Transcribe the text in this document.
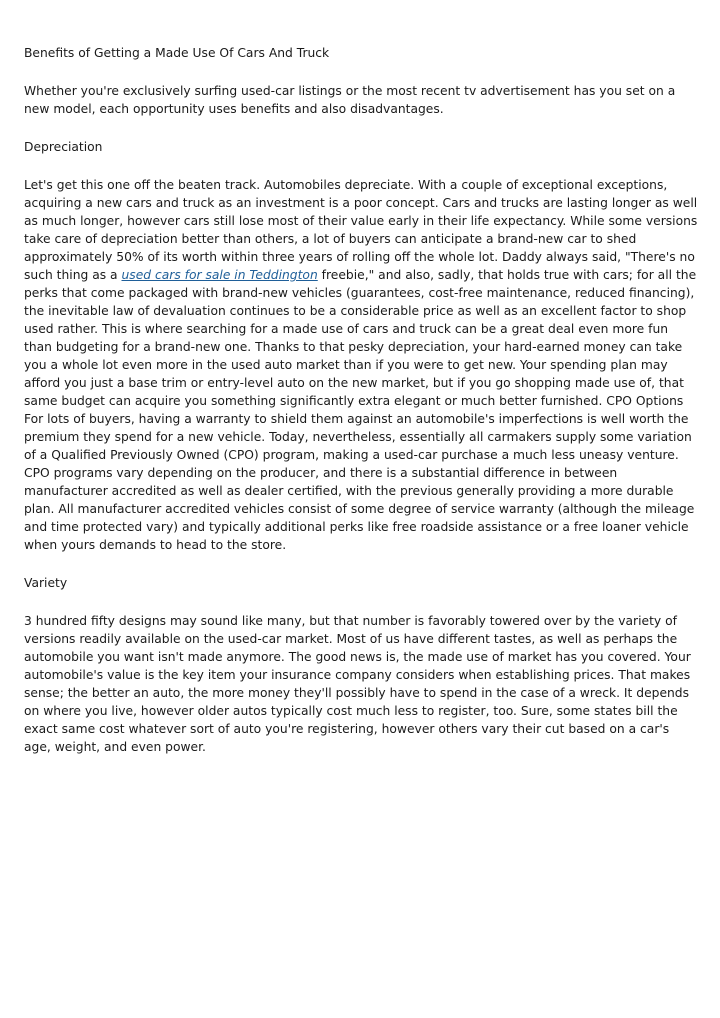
Benefits of Getting a Made Use Of Cars And Truck

Whether you're exclusively surfing used-car listings or the most recent tv advertisement has you set on a new model, each opportunity uses benefits and also disadvantages.

Depreciation

Let's get this one off the beaten track. Automobiles depreciate. With a couple of exceptional exceptions, acquiring a new cars and truck as an investment is a poor concept. Cars and trucks are lasting longer as well as much longer, however cars still lose most of their value early in their life expectancy. While some versions take care of depreciation better than others, a lot of buyers can anticipate a brand-new car to shed approximately 50% of its worth within three years of rolling off the whole lot. Daddy always said, "There's no such thing as a used cars for sale in Teddington freebie," and also, sadly, that holds true with cars; for all the perks that come packaged with brand-new vehicles (guarantees, cost-free maintenance, reduced financing), the inevitable law of devaluation continues to be a considerable price as well as an excellent factor to shop used rather. This is where searching for a made use of cars and truck can be a great deal even more fun than budgeting for a brand-new one. Thanks to that pesky depreciation, your hard-earned money can take you a whole lot even more in the used auto market than if you were to get new. Your spending plan may afford you just a base trim or entry-level auto on the new market, but if you go shopping made use of, that same budget can acquire you something significantly extra elegant or much better furnished. CPO Options For lots of buyers, having a warranty to shield them against an automobile's imperfections is well worth the premium they spend for a new vehicle. Today, nevertheless, essentially all carmakers supply some variation of a Qualified Previously Owned (CPO) program, making a used-car purchase a much less uneasy venture. CPO programs vary depending on the producer, and there is a substantial difference in between manufacturer accredited as well as dealer certified, with the previous generally providing a more durable plan. All manufacturer accredited vehicles consist of some degree of service warranty (although the mileage and time protected vary) and typically additional perks like free roadside assistance or a free loaner vehicle when yours demands to head to the store.

Variety

3 hundred fifty designs may sound like many, but that number is favorably towered over by the variety of versions readily available on the used-car market. Most of us have different tastes, as well as perhaps the automobile you want isn't made anymore. The good news is, the made use of market has you covered. Your automobile's value is the key item your insurance company considers when establishing prices. That makes sense; the better an auto, the more money they'll possibly have to spend in the case of a wreck. It depends on where you live, however older autos typically cost much less to register, too. Sure, some states bill the exact same cost whatever sort of auto you're registering, however others vary their cut based on a car's age, weight, and even power.
